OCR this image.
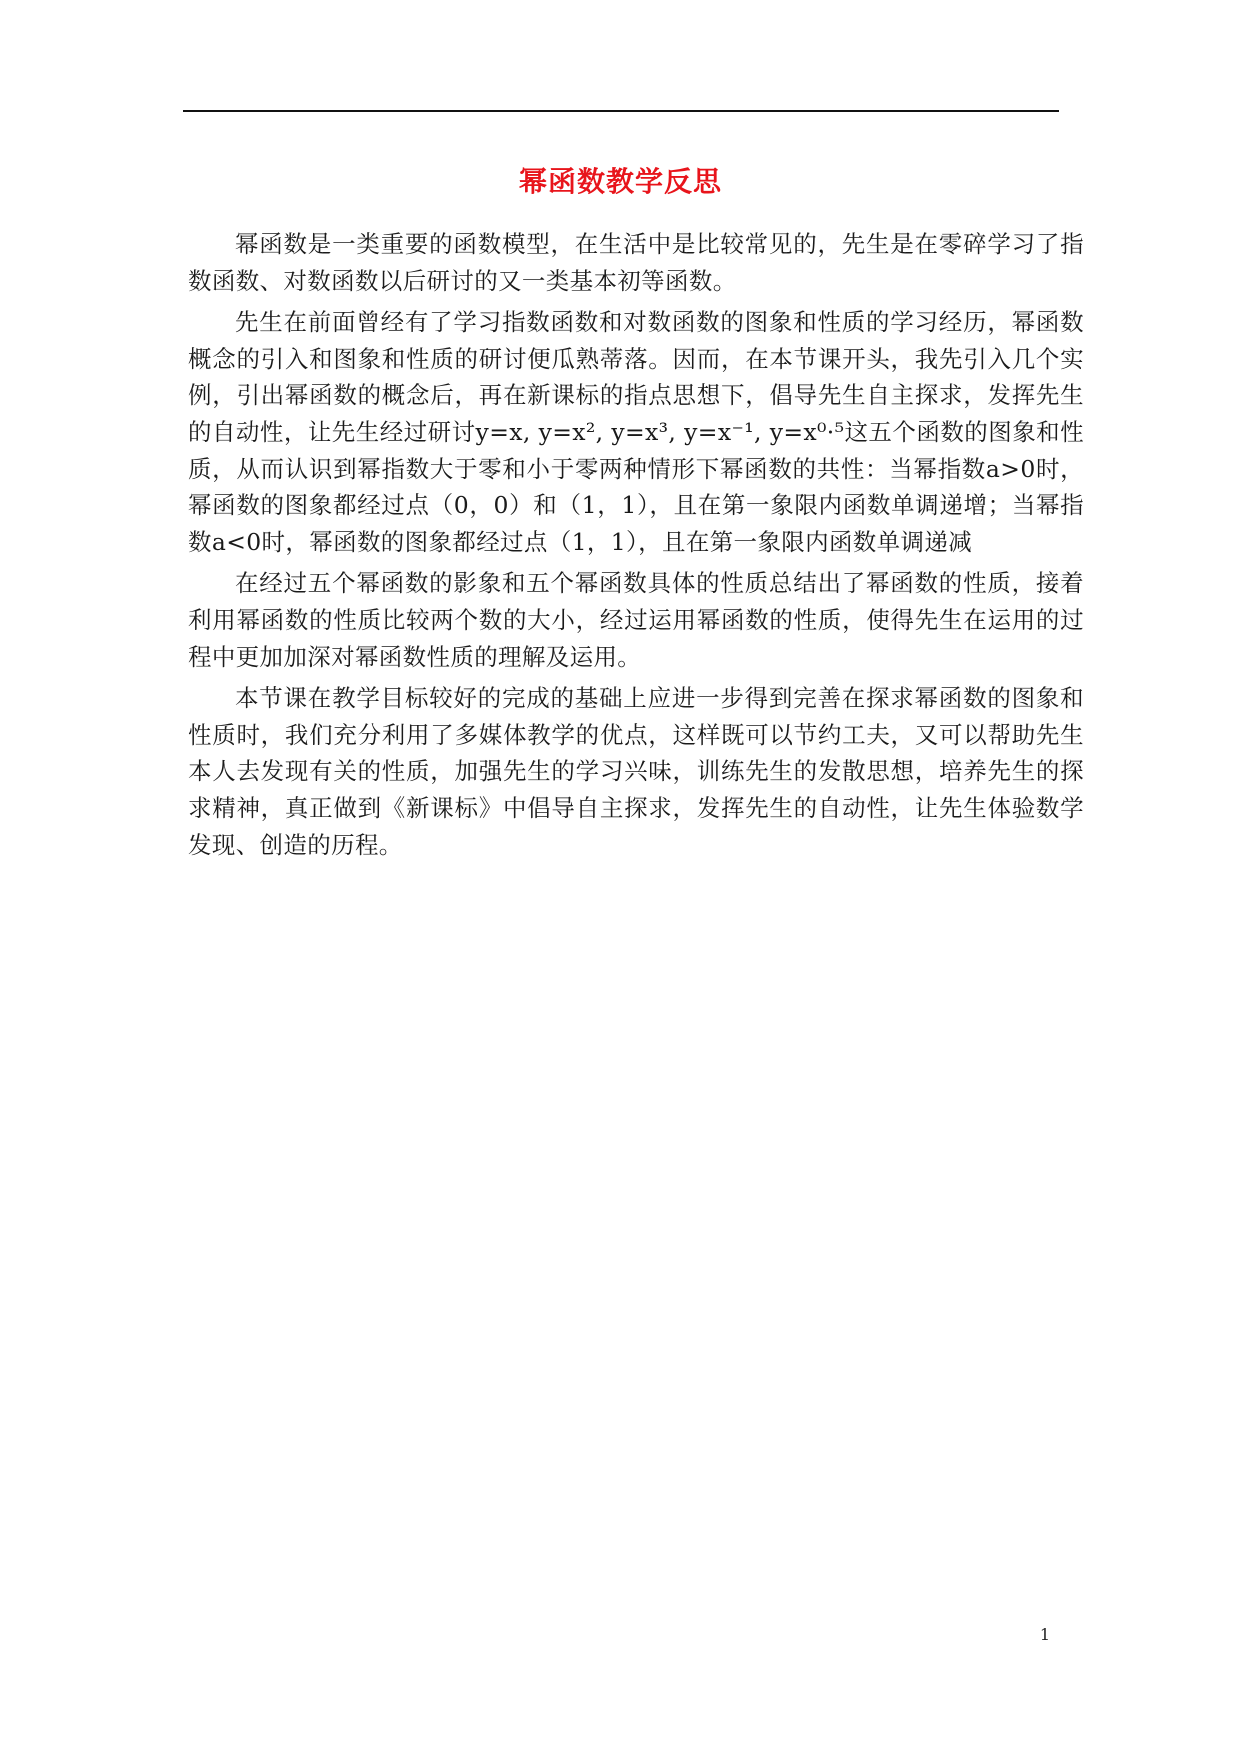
幂函数教学反思

幂函数是一类重要的函数模型，在生活中是比较常见的，先生是在零碎学习了指数函数、对数函数以后研讨的又一类基本初等函数。

先生在前面曾经有了学习指数函数和对数函数的图象和性质的学习经历，幂函数概念的引入和图象和性质的研讨便瓜熟蒂落。因而，在本节课开头，我先引入几个实例，引出幂函数的概念后，再在新课标的指点思想下，倡导先生自主探求，发挥先生的自动性，让先生经过研讨y=x, y=x², y=x³, y=x⁻¹, y=x⁰·⁵这五个函数的图象和性质，从而认识到幂指数大于零和小于零两种情形下幂函数的共性：当幂指数a>0时，幂函数的图象都经过点（0，0）和（1，1），且在第一象限内函数单调递增；当幂指数a<0时，幂函数的图象都经过点（1，1），且在第一象限内函数单调递减

在经过五个幂函数的影象和五个幂函数具体的性质总结出了幂函数的性质，接着利用幂函数的性质比较两个数的大小，经过运用幂函数的性质，使得先生在运用的过程中更加加深对幂函数性质的理解及运用。

本节课在教学目标较好的完成的基础上应进一步得到完善在探求幂函数的图象和性质时，我们充分利用了多媒体教学的优点，这样既可以节约工夫，又可以帮助先生本人去发现有关的性质，加强先生的学习兴味，训练先生的发散思想，培养先生的探求精神，真正做到《新课标》中倡导自主探求，发挥先生的自动性，让先生体验数学发现、创造的历程。

1
